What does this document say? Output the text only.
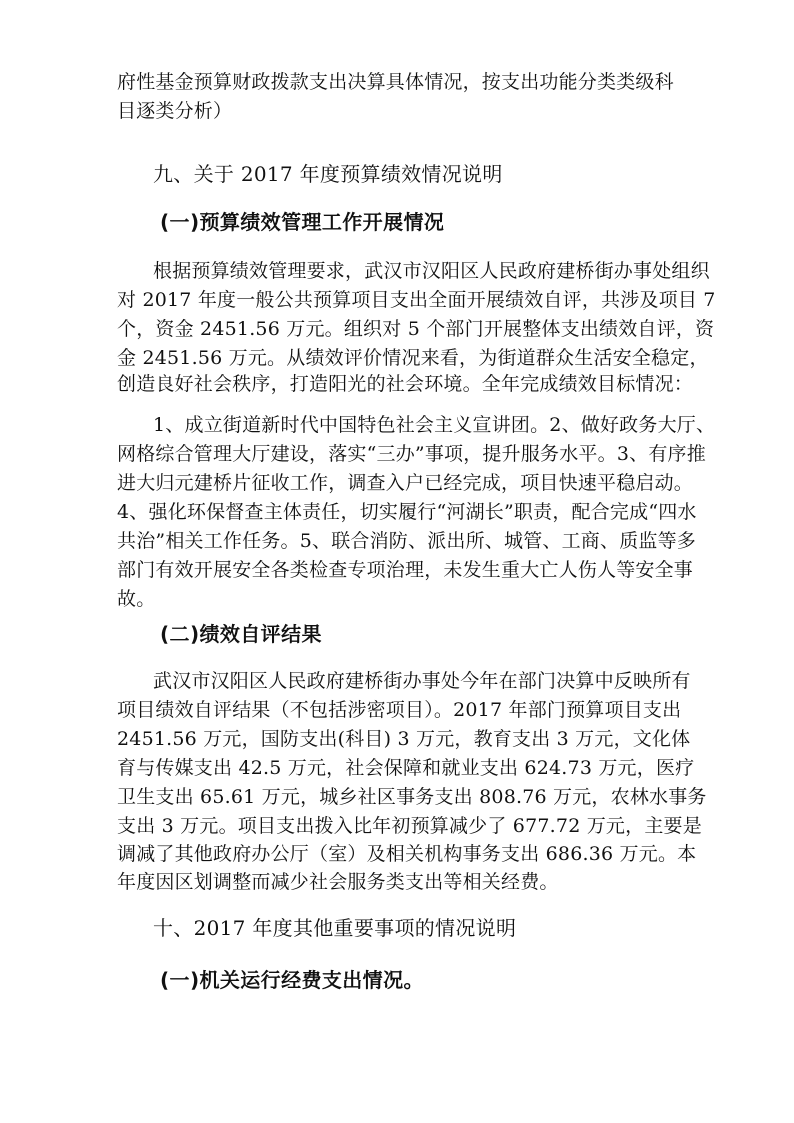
府性基金预算财政拨款支出决算具体情况，按支出功能分类类级科
目逐类分析）
九、关于 2017 年度预算绩效情况说明
(一)预算绩效管理工作开展情况
根据预算绩效管理要求，武汉市汉阳区人民政府建桥街办事处组织
对 2017 年度一般公共预算项目支出全面开展绩效自评，共涉及项目 7
个，资金 2451.56 万元。组织对 5 个部门开展整体支出绩效自评，资
金 2451.56 万元。从绩效评价情况来看，为街道群众生活安全稳定，
创造良好社会秩序，打造阳光的社会环境。全年完成绩效目标情况：
1、成立街道新时代中国特色社会主义宣讲团。2、做好政务大厅、
网格综合管理大厅建设，落实“三办”事项，提升服务水平。3、有序推
进大归元建桥片征收工作，调查入户已经完成，项目快速平稳启动。
4、强化环保督查主体责任，切实履行“河湖长”职责，配合完成“四水
共治”相关工作任务。5、联合消防、派出所、城管、工商、质监等多
部门有效开展安全各类检查专项治理，未发生重大亡人伤人等安全事
故。
(二)绩效自评结果
武汉市汉阳区人民政府建桥街办事处今年在部门决算中反映所有
项目绩效自评结果（不包括涉密项目）。2017 年部门预算项目支出
2451.56 万元，国防支出(科目) 3 万元，教育支出 3 万元，文化体
育与传媒支出 42.5 万元，社会保障和就业支出 624.73 万元，医疗
卫生支出 65.61 万元，城乡社区事务支出 808.76 万元，农林水事务
支出 3 万元。项目支出拨入比年初预算减少了 677.72 万元，主要是
调减了其他政府办公厅（室）及相关机构事务支出 686.36 万元。本
年度因区划调整而减少社会服务类支出等相关经费。
十、2017 年度其他重要事项的情况说明
(一)机关运行经费支出情况。
